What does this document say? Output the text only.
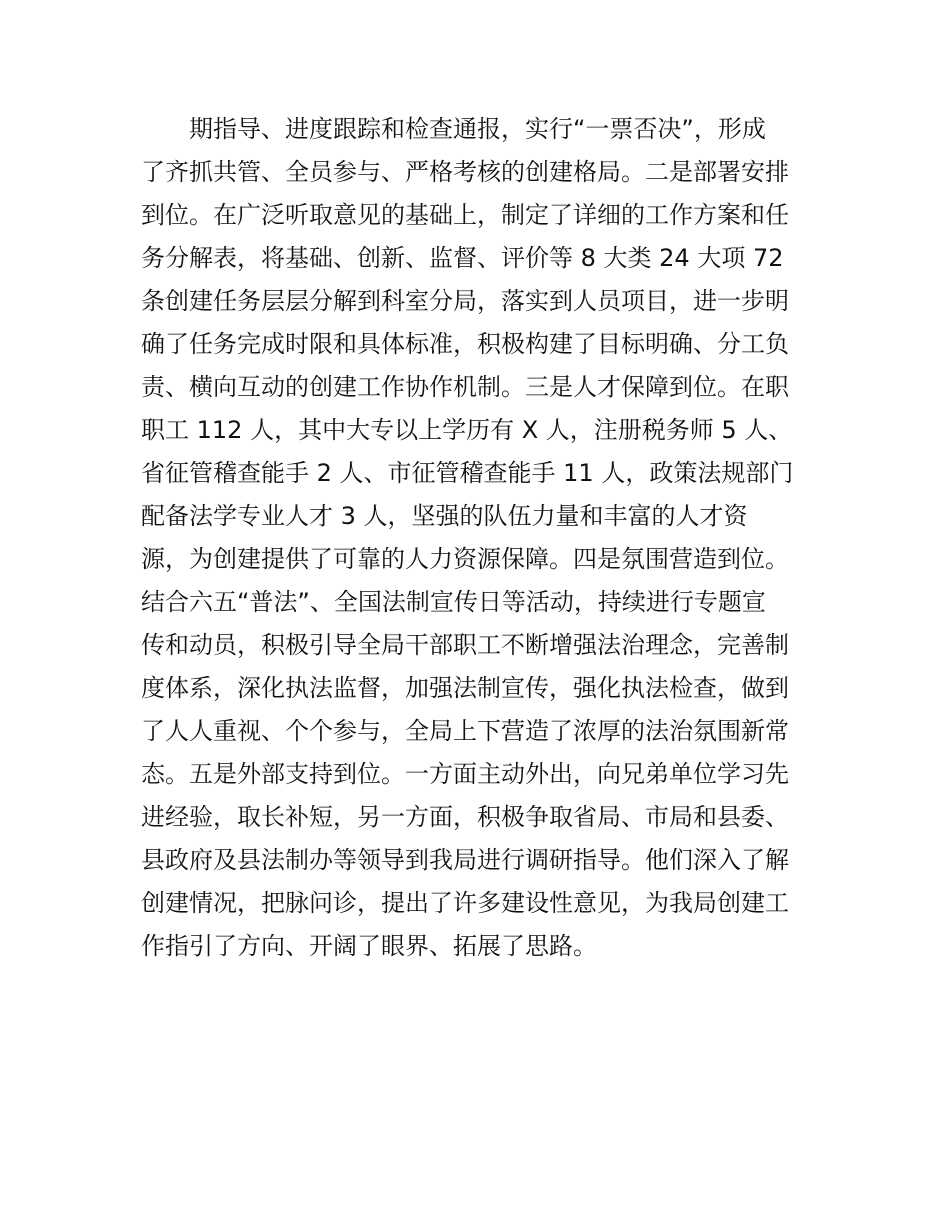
　　期指导、进度跟踪和检查通报，实行“一票否决”，形成
了齐抓共管、全员参与、严格考核的创建格局。二是部署安排
到位。在广泛听取意见的基础上，制定了详细的工作方案和任
务分解表，将基础、创新、监督、评价等 8 大类 24 大项 72
条创建任务层层分解到科室分局，落实到人员项目，进一步明
确了任务完成时限和具体标准，积极构建了目标明确、分工负
责、横向互动的创建工作协作机制。三是人才保障到位。在职
职工 112 人，其中大专以上学历有 X 人，注册税务师 5 人、
省征管稽查能手 2 人、市征管稽查能手 11 人，政策法规部门
配备法学专业人才 3 人，坚强的队伍力量和丰富的人才资
源，为创建提供了可靠的人力资源保障。四是氛围营造到位。
结合六五“普法”、全国法制宣传日等活动，持续进行专题宣
传和动员，积极引导全局干部职工不断增强法治理念，完善制
度体系，深化执法监督，加强法制宣传，强化执法检查，做到
了人人重视、个个参与，全局上下营造了浓厚的法治氛围新常
态。五是外部支持到位。一方面主动外出，向兄弟单位学习先
进经验，取长补短，另一方面，积极争取省局、市局和县委、
县政府及县法制办等领导到我局进行调研指导。他们深入了解
创建情况，把脉问诊，提出了许多建设性意见，为我局创建工
作指引了方向、开阔了眼界、拓展了思路。
